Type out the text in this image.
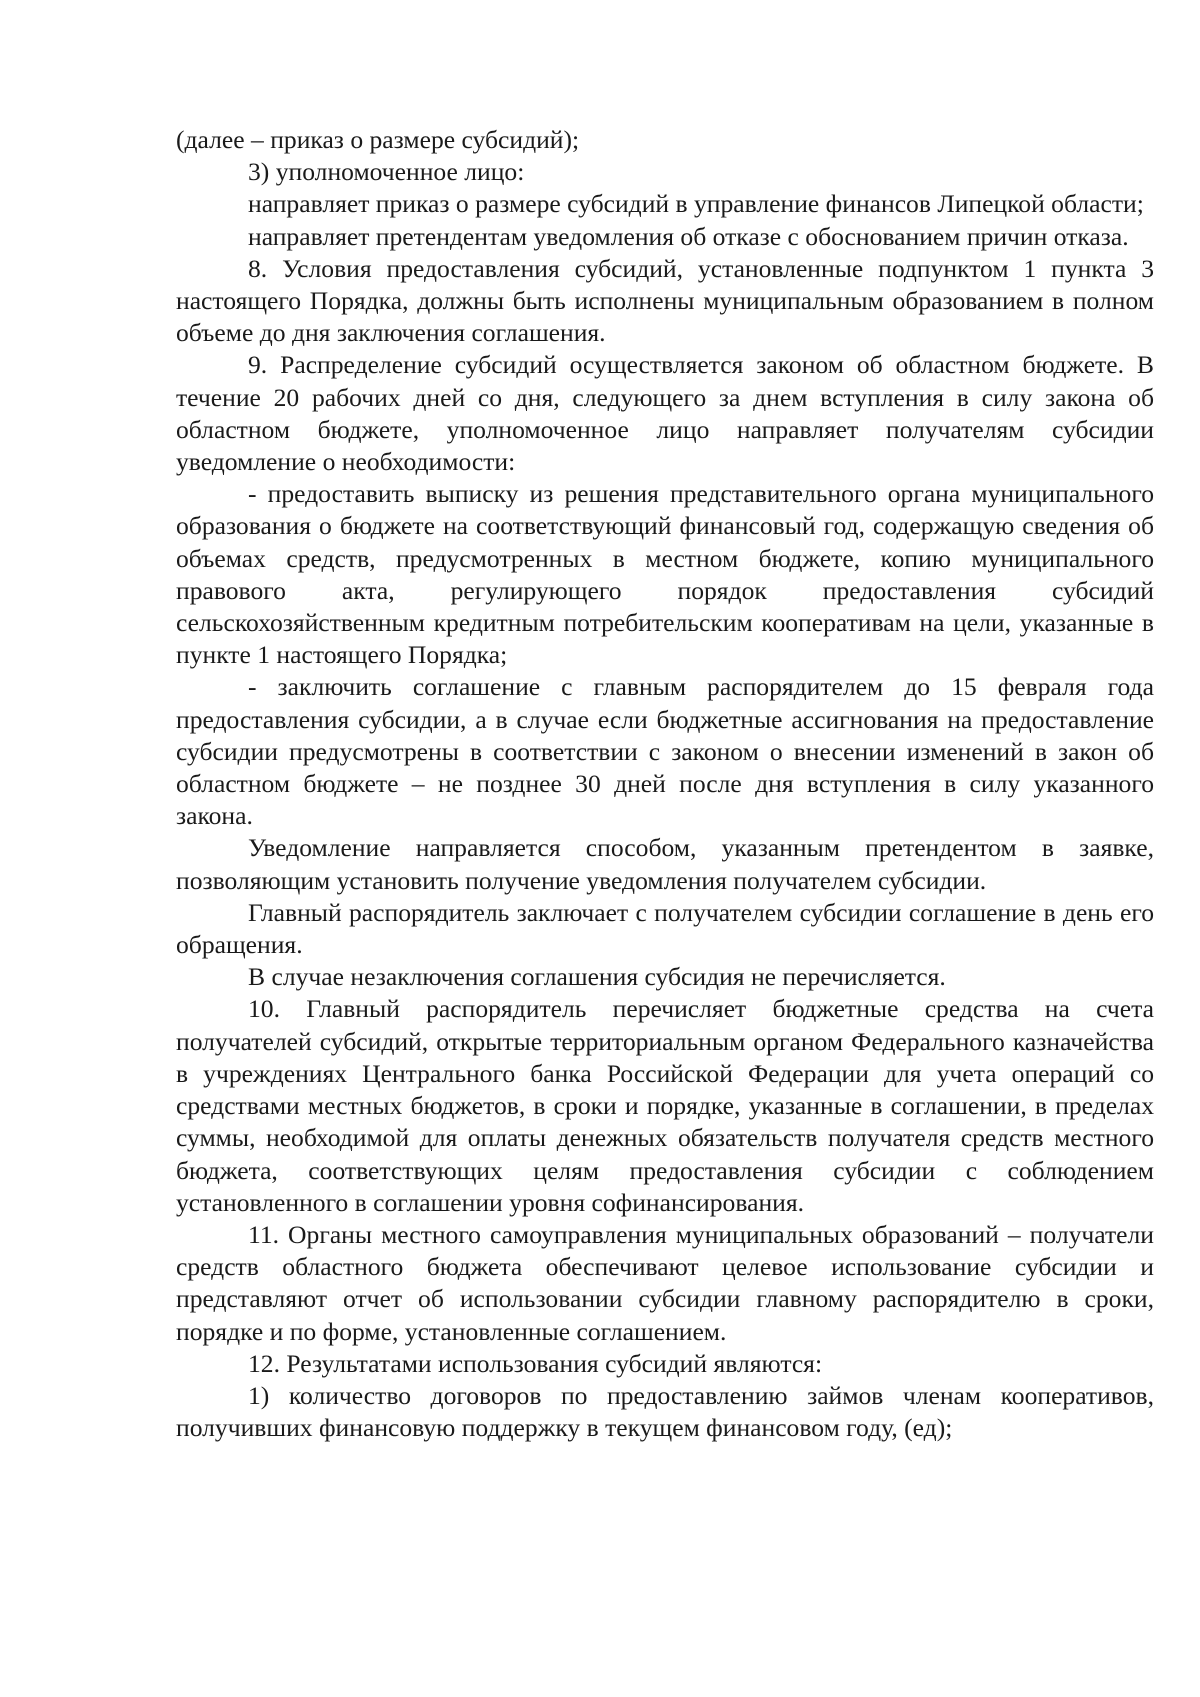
(далее – приказ о размере субсидий);

3) уполномоченное лицо:

направляет приказ о размере субсидий в управление финансов Липецкой области;

направляет претендентам уведомления об отказе с обоснованием причин отказа.

8. Условия предоставления субсидий, установленные подпунктом 1 пункта 3 настоящего Порядка, должны быть исполнены муниципальным образованием в полном объеме до дня заключения соглашения.

9. Распределение субсидий осуществляется законом об областном бюджете. В течение 20 рабочих дней со дня, следующего за днем вступления в силу закона об областном бюджете, уполномоченное лицо направляет получателям субсидии уведомление о необходимости:

- предоставить выписку из решения представительного органа муниципального образования о бюджете на соответствующий финансовый год, содержащую сведения об объемах средств, предусмотренных в местном бюджете, копию муниципального правового акта, регулирующего порядок предоставления субсидий сельскохозяйственным кредитным потребительским кооперативам на цели, указанные в пункте 1 настоящего Порядка;

- заключить соглашение с главным распорядителем до 15 февраля года предоставления субсидии, а в случае если бюджетные ассигнования на предоставление субсидии предусмотрены в соответствии с законом о внесении изменений в закон об областном бюджете – не позднее 30 дней после дня вступления в силу указанного закона.

Уведомление направляется способом, указанным претендентом в заявке, позволяющим установить получение уведомления получателем субсидии.

Главный распорядитель заключает с получателем субсидии соглашение в день его обращения.

В случае незаключения соглашения субсидия не перечисляется.

10. Главный распорядитель перечисляет бюджетные средства на счета получателей субсидий, открытые территориальным органом Федерального казначейства в учреждениях Центрального банка Российской Федерации для учета операций со средствами местных бюджетов, в сроки и порядке, указанные в соглашении, в пределах суммы, необходимой для оплаты денежных обязательств получателя средств местного бюджета, соответствующих целям предоставления субсидии с соблюдением установленного в соглашении уровня софинансирования.

11. Органы местного самоуправления муниципальных образований – получатели средств областного бюджета обеспечивают целевое использование субсидии и представляют отчет об использовании субсидии главному распорядителю в сроки, порядке и по форме, установленные соглашением.

12. Результатами использования субсидий являются:

1) количество договоров по предоставлению займов членам кооперативов, получивших финансовую поддержку в текущем финансовом году, (ед);
